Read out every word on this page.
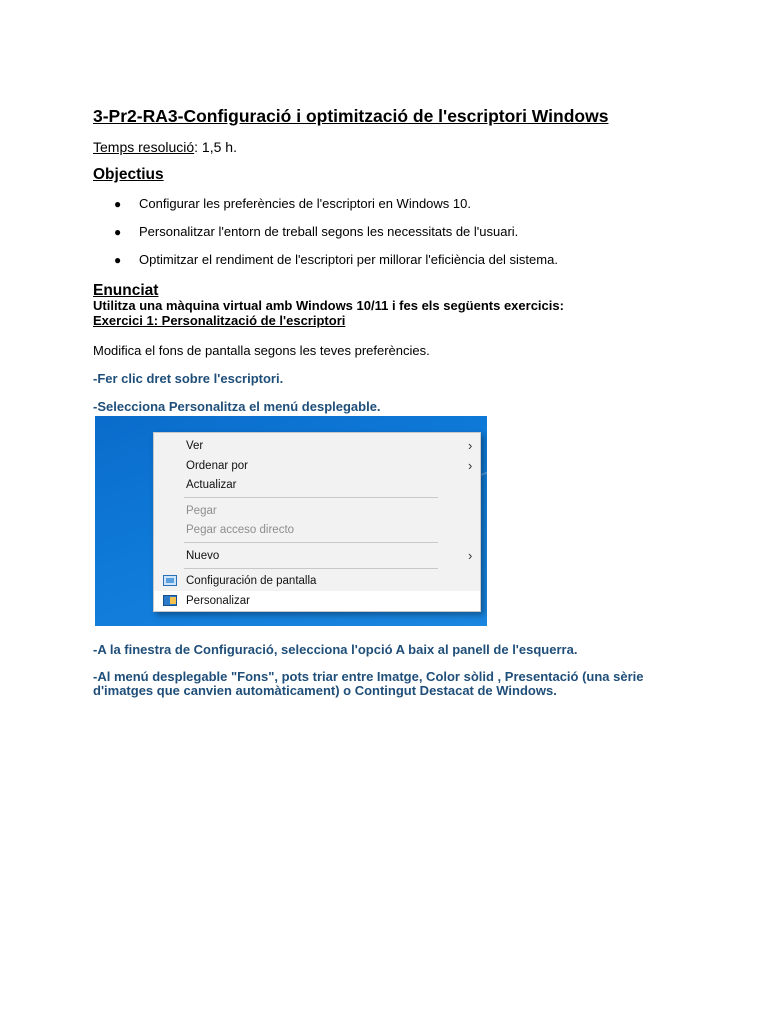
3-Pr2-RA3-Configuració i optimització de l'escriptori Windows

Temps resolució: 1,5 h.

Objectius
● Configurar les preferències de l'escriptori en Windows 10.
● Personalitzar l'entorn de treball segons les necessitats de l'usuari.
● Optimitzar el rendiment de l'escriptori per millorar l'eficiència del sistema.
Enunciat

Utilitza una màquina virtual amb Windows 10/11 i fes els següents exercicis:

Exercici 1: Personalització de l'escriptori

Modifica el fons de pantalla segons les teves preferències.

-Fer clic dret sobre l'escriptori.

-Selecciona Personalitza el menú desplegable.

Ver	›
Ordenar por	›
Actualizar
Pegar
Pegar acceso directo
Nuevo	›
Configuración de pantalla
Personalizar

-A la finestra de Configuració, selecciona l'opció A baix al panell de l'esquerra.

-Al menú desplegable "Fons", pots triar entre Imatge, Color sòlid , Presentació (una sèrie d'imatges que canvien automàticament) o Contingut Destacat de Windows.
